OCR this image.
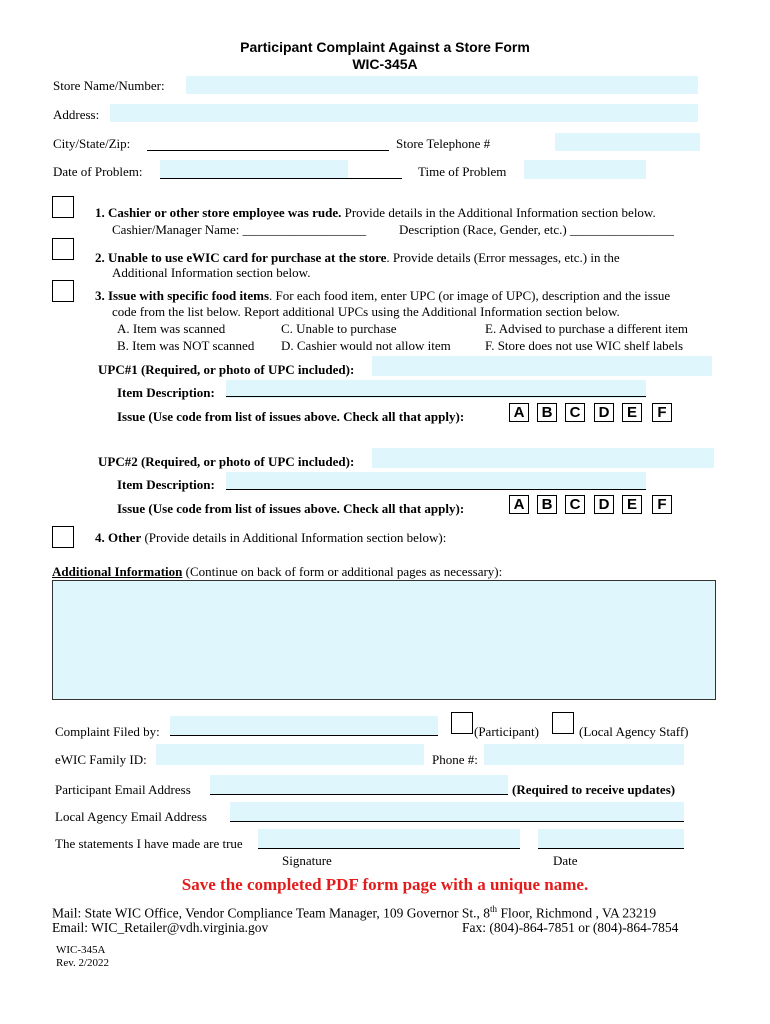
Participant Complaint Against a Store Form
WIC-345A
Store Name/Number:
Address:
City/State/Zip:	Store Telephone #
Date of Problem:	Time of Problem
1. Cashier or other store employee was rude. Provide details in the Additional Information section below.
Cashier/Manager Name: ___________________	Description (Race, Gender, etc.) ________________
2. Unable to use eWIC card for purchase at the store. Provide details (Error messages, etc.) in the
Additional Information section below.
3. Issue with specific food items. For each food item, enter UPC (or image of UPC), description and the issue
code from the list below. Report additional UPCs using the Additional Information section below.
A. Item was scanned	C. Unable to purchase	E. Advised to purchase a different item
B. Item was NOT scanned D. Cashier would not allow item	F. Store does not use WIC shelf labels
UPC#1 (Required, or photo of UPC included):
Item Description:
Issue (Use code from list of issues above. Check all that apply):	A	B	C	D	E	F
UPC#2 (Required, or photo of UPC included):
Item Description:
Issue (Use code from list of issues above. Check all that apply):	A	B	C	D	E	F
4. Other (Provide details in Additional Information section below):
Additional Information (Continue on back of form or additional pages as necessary):
Complaint Filed by:	(Participant)	(Local Agency Staff)
eWIC Family ID:	Phone #:
Participant Email Address	(Required to receive updates)
Local Agency Email Address
The statements I have made are true
Signature	Date
Save the completed PDF form page with a unique name.
Mail: State WIC Office, Vendor Compliance Team Manager, 109 Governor St., 8th Floor, Richmond , VA 23219
Email: WIC_Retailer@vdh.virginia.gov	Fax: (804)-864-7851 or (804)-864-7854
WIC-345A
Rev. 2/2022
